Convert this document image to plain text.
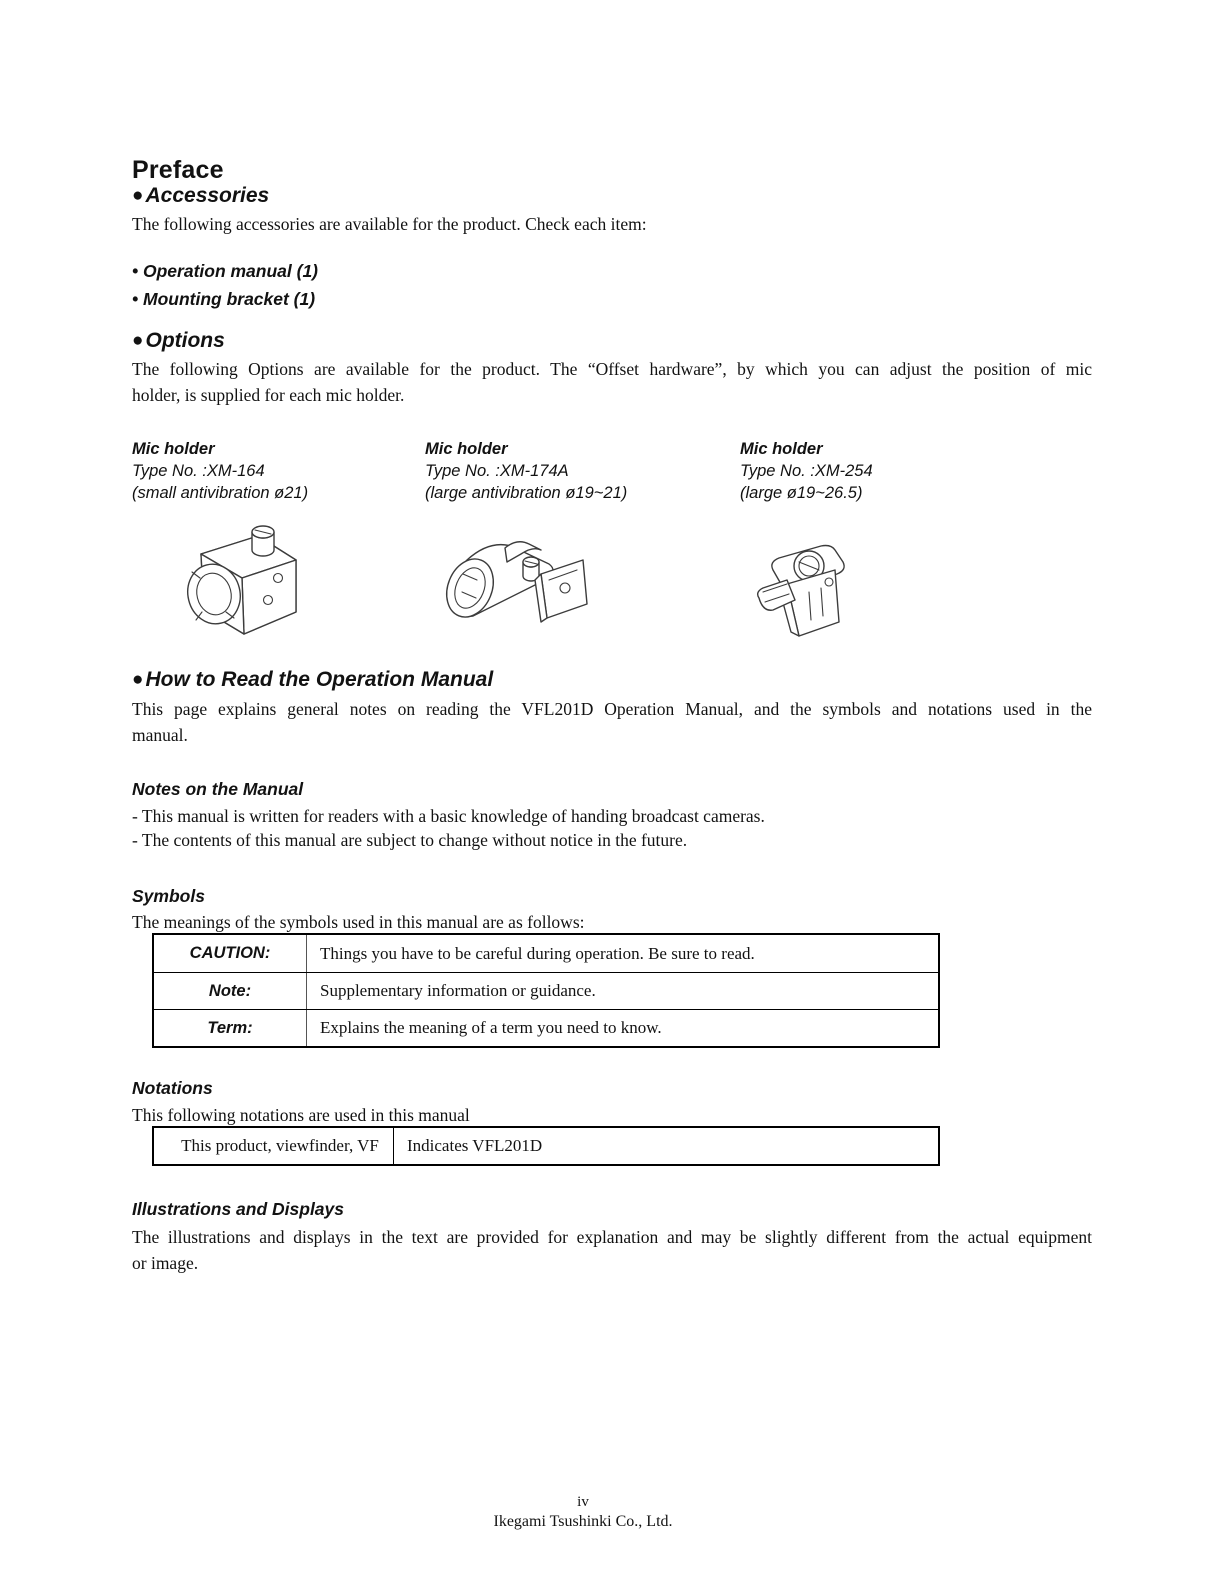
Preface
● Accessories
The following accessories are available for the product. Check each item:
• Operation manual (1)
• Mounting bracket (1)
● Options
The following Options are available for the product. The “Offset hardware”, by which you can adjust the position of mic
holder, is supplied for each mic holder.
Mic holder
Type No. :XM-164
(small antivibration ø21)
Mic holder
Type No. :XM-174A
(large antivibration ø19~21)
Mic holder
Type No. :XM-254
(large ø19~26.5)
● How to Read the Operation Manual
This page explains general notes on reading the VFL201D Operation Manual, and the symbols and notations used in the
manual.
Notes on the Manual
- This manual is written for readers with a basic knowledge of handing broadcast cameras.
- The contents of this manual are subject to change without notice in the future.
Symbols
The meanings of the symbols used in this manual are as follows:
CAUTION:	Things you have to be careful during operation. Be sure to read.
Note:	Supplementary information or guidance.
Term:	Explains the meaning of a term you need to know.
Notations
This following notations are used in this manual
This product, viewfinder, VF	Indicates VFL201D
Illustrations and Displays
The illustrations and displays in the text are provided for explanation and may be slightly different from the actual equipment
or image.
iv
Ikegami Tsushinki Co., Ltd.
